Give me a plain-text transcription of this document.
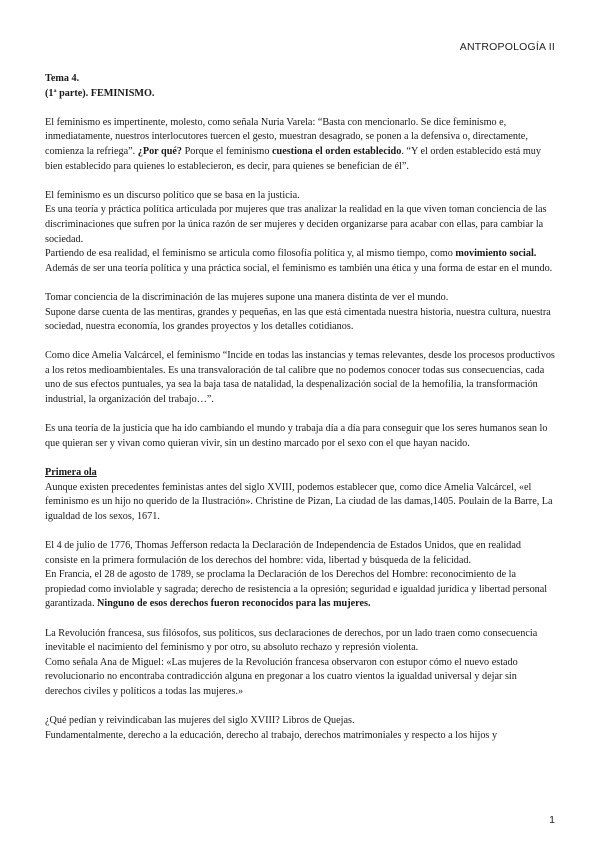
ANTROPOLOGÍA II
Tema 4.
(1ª parte). FEMINISMO.
El feminismo es impertinente, molesto, como señala Nuria Varela: “Basta con mencionarlo. Se dice feminismo e, inmediatamente, nuestros interlocutores tuercen el gesto, muestran desagrado, se ponen a la defensiva o, directamente, comienza la refriega”. ¿Por qué? Porque el feminismo cuestiona el orden establecido. “Y el orden establecido está muy bien establecido para quienes lo establecieron, es decir, para quienes se benefician de él”.
El feminismo es un discurso político que se basa en la justicia.
Es una teoría y práctica política articulada por mujeres que tras analizar la realidad en la que viven toman conciencia de las discriminaciones que sufren por la única razón de ser mujeres y deciden organizarse para acabar con ellas, para cambiar la sociedad.
Partiendo de esa realidad, el feminismo se articula como filosofía política y, al mismo tiempo, como movimiento social.
Además de ser una teoría política y una práctica social, el feminismo es también una ética y una forma de estar en el mundo.
Tomar conciencia de la discriminación de las mujeres supone una manera distinta de ver el mundo.
Supone darse cuenta de las mentiras, grandes y pequeñas, en las que está cimentada nuestra historia, nuestra cultura, nuestra sociedad, nuestra economía, los grandes proyectos y los detalles cotidianos.
Como dice Amelia Valcárcel, el feminismo “Incide en todas las instancias y temas relevantes, desde los procesos productivos a los retos medioambientales. Es una transvaloración de tal calibre que no podemos conocer todas sus consecuencias, cada uno de sus efectos puntuales, ya sea la baja tasa de natalidad, la despenalización social de la hemofilia, la transformación industrial, la organización del trabajo…”.
Es una teoría de la justicia que ha ido cambiando el mundo y trabaja día a día para conseguir que los seres humanos sean lo que quieran ser y vivan como quieran vivir, sin un destino marcado por el sexo con el que hayan nacido.
Primera ola
Aunque existen precedentes feministas antes del siglo XVIII, podemos establecer que, como dice Amelia Valcárcel, «el feminismo es un hijo no querido de la Ilustración». Christine de Pizan, La ciudad de las damas,1405. Poulain de la Barre, La igualdad de los sexos, 1671.
El 4 de julio de 1776, Thomas Jefferson redacta la Declaración de Independencia de Estados Unidos, que en realidad consiste en la primera formulación de los derechos del hombre: vida, libertad y búsqueda de la felicidad.
En Francia, el 28 de agosto de 1789, se proclama la Declaración de los Derechos del Hombre: reconocimiento de la propiedad como inviolable y sagrada; derecho de resistencia a la opresión; seguridad e igualdad jurídica y libertad personal garantizada. Ninguno de esos derechos fueron reconocidos para las mujeres.
La Revolución francesa, sus filósofos, sus políticos, sus declaraciones de derechos, por un lado traen como consecuencia inevitable el nacimiento del feminismo y por otro, su absoluto rechazo y represión violenta.
Como señala Ana de Miguel: «Las mujeres de la Revolución francesa observaron con estupor cómo el nuevo estado revolucionario no encontraba contradicción alguna en pregonar a los cuatro vientos la igualdad universal y dejar sin derechos civiles y políticos a todas las mujeres.»
¿Qué pedían y reivindicaban las mujeres del siglo XVIII? Libros de Quejas.
Fundamentalmente, derecho a la educación, derecho al trabajo, derechos matrimoniales y respecto a los hijos y
1
